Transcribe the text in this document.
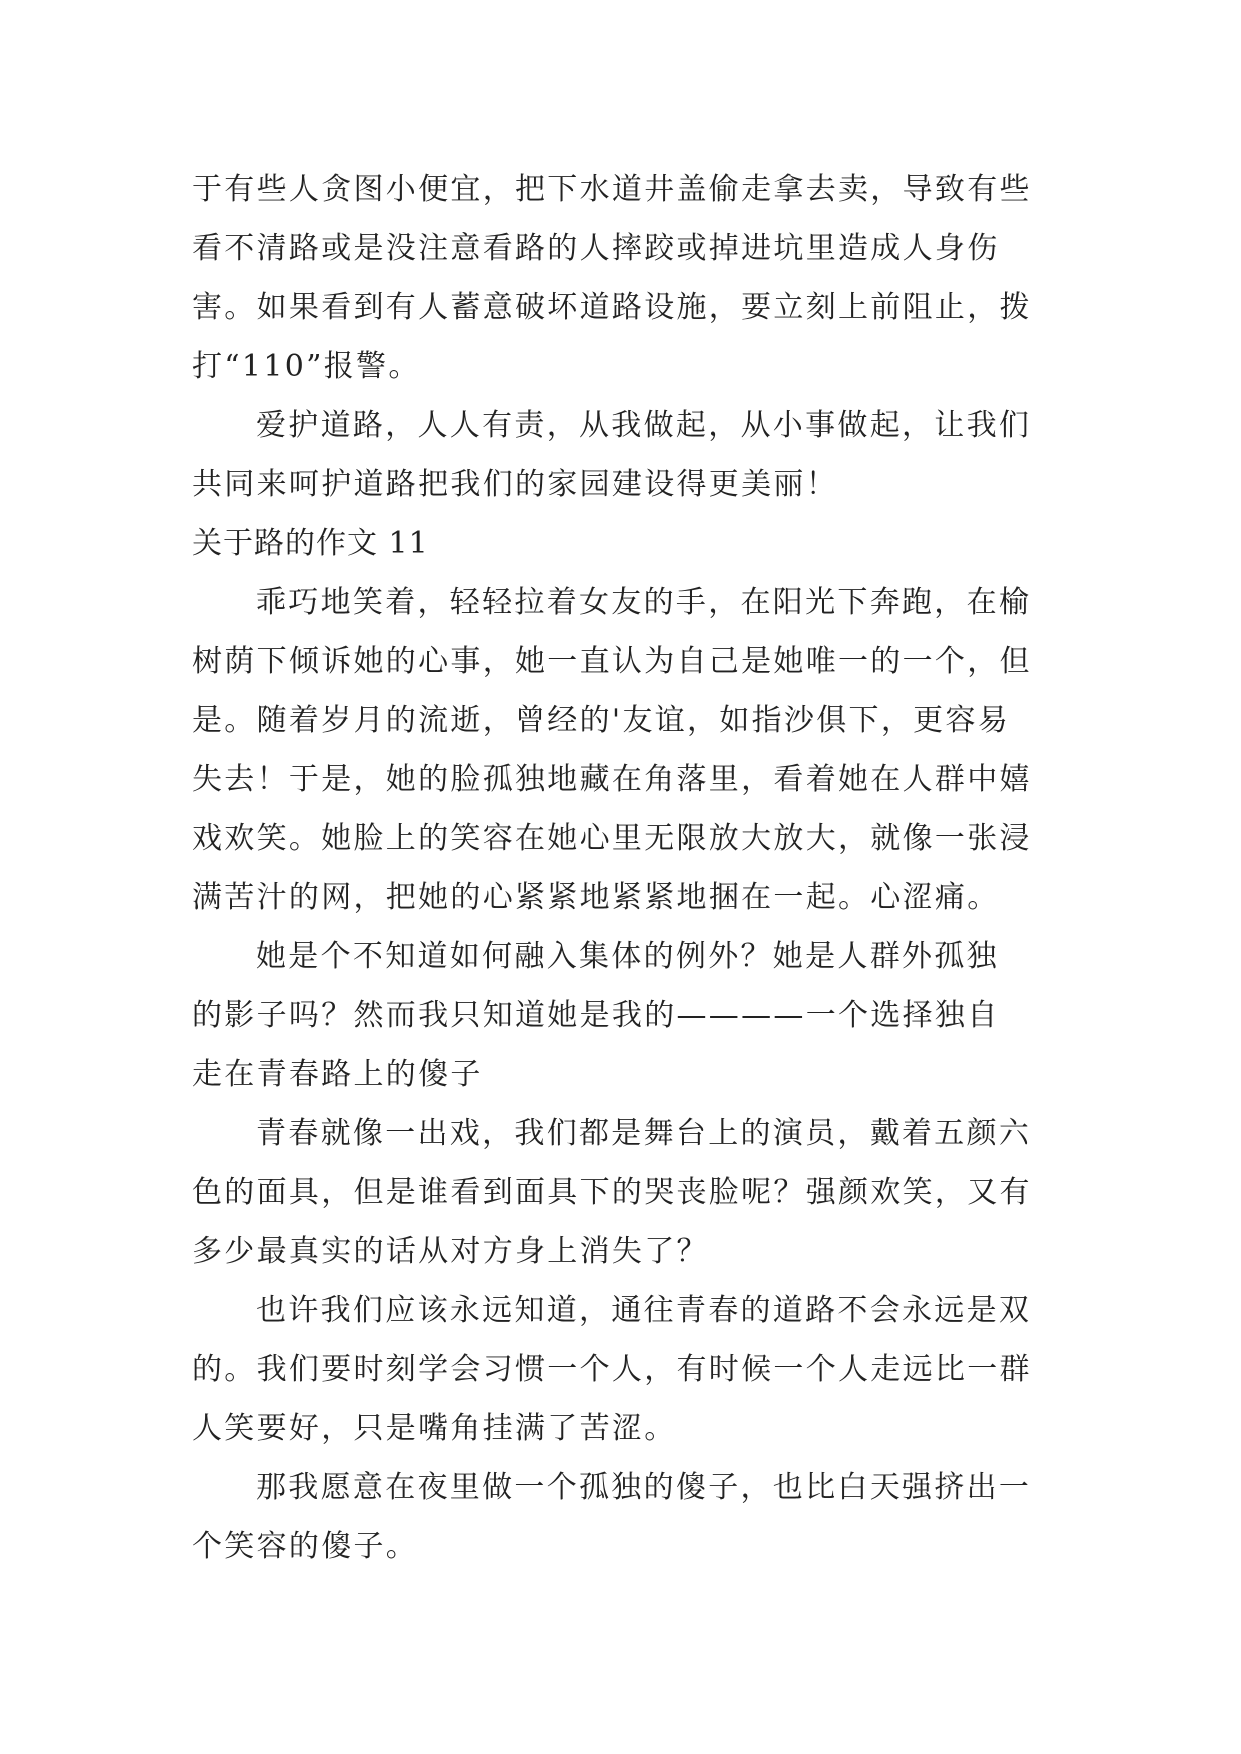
于有些人贪图小便宜，把下水道井盖偷走拿去卖，导致有些
看不清路或是没注意看路的人摔跤或掉进坑里造成人身伤
害。如果看到有人蓄意破坏道路设施，要立刻上前阻止，拨
打“110”报警。
爱护道路，人人有责，从我做起，从小事做起，让我们
共同来呵护道路把我们的家园建设得更美丽！
关于路的作文 11
乖巧地笑着，轻轻拉着女友的手，在阳光下奔跑，在榆
树荫下倾诉她的心事，她一直认为自己是她唯一的一个，但
是。随着岁月的流逝，曾经的'友谊，如指沙俱下，更容易
失去！于是，她的脸孤独地藏在角落里，看着她在人群中嬉
戏欢笑。她脸上的笑容在她心里无限放大放大，就像一张浸
满苦汁的网，把她的心紧紧地紧紧地捆在一起。心涩痛。
她是个不知道如何融入集体的例外？她是人群外孤独
的影子吗？然而我只知道她是我的————一个选择独自
走在青春路上的傻子
青春就像一出戏，我们都是舞台上的演员，戴着五颜六
色的面具，但是谁看到面具下的哭丧脸呢？强颜欢笑，又有
多少最真实的话从对方身上消失了？
也许我们应该永远知道，通往青春的道路不会永远是双
的。我们要时刻学会习惯一个人，有时候一个人走远比一群
人笑要好，只是嘴角挂满了苦涩。
那我愿意在夜里做一个孤独的傻子，也比白天强挤出一
个笑容的傻子。
